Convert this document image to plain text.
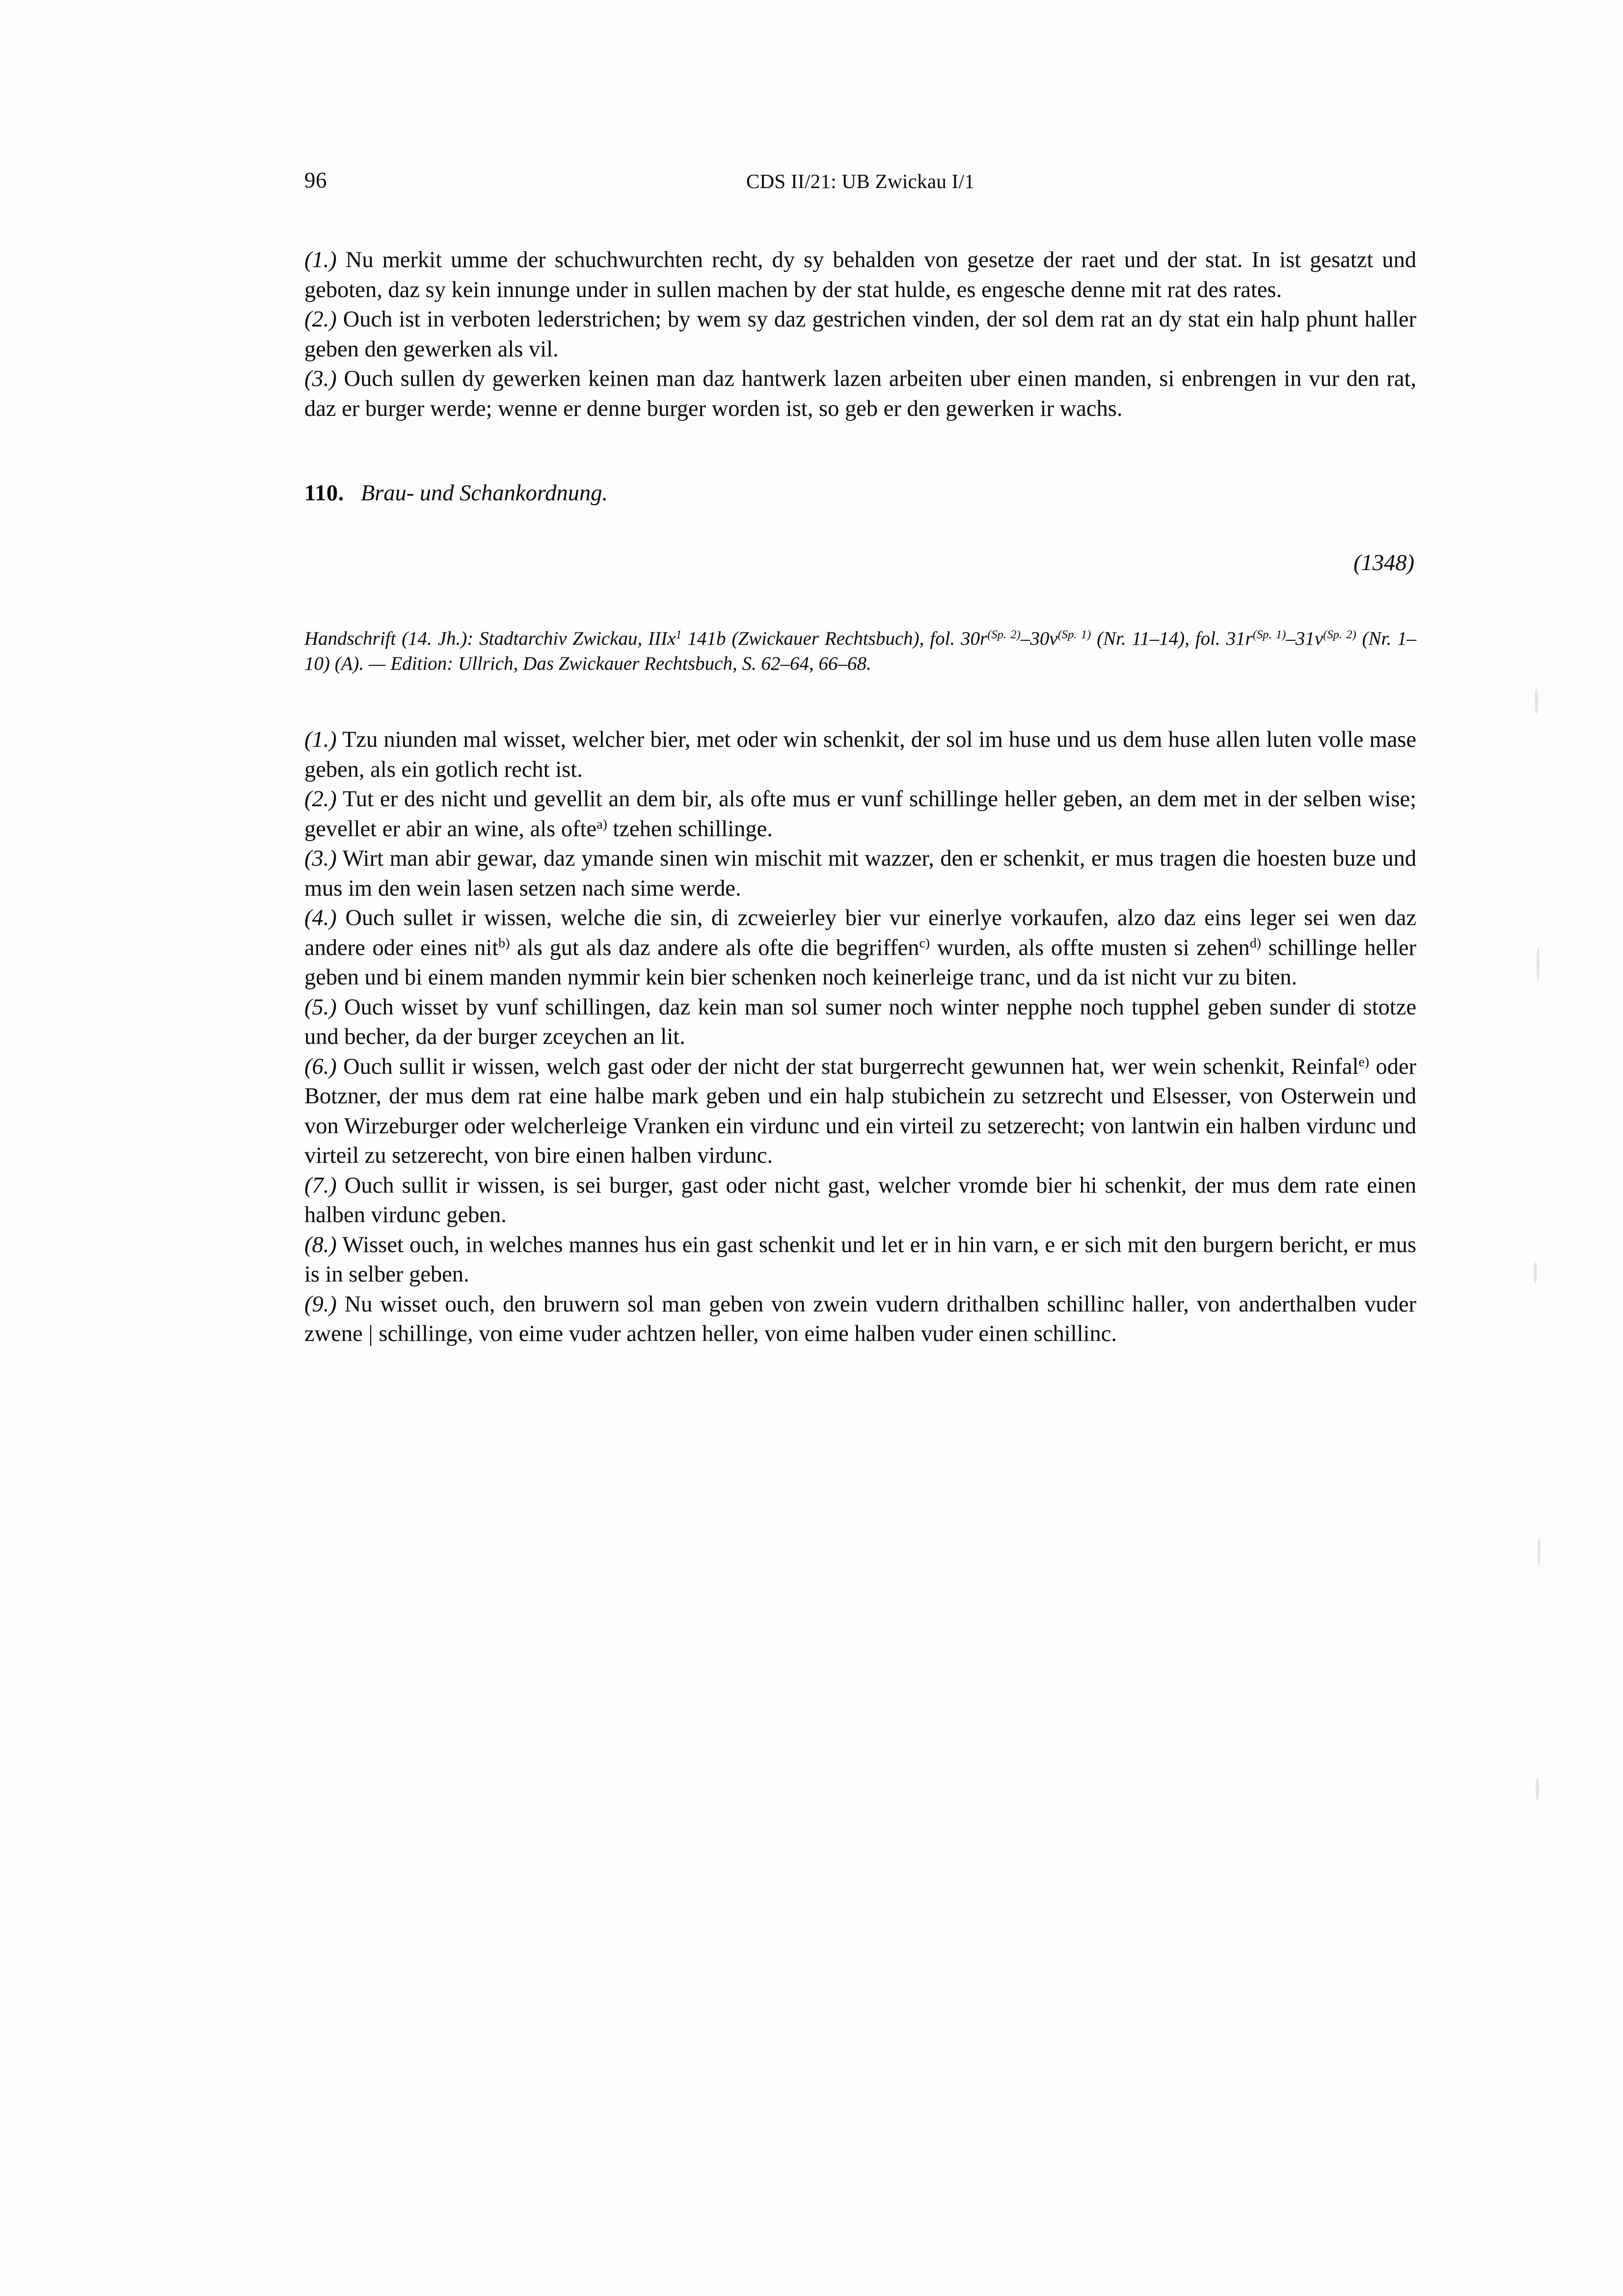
96	CDS II/21: UB Zwickau I/1

(1.) Nu merkit umme der schuchwurchten recht, dy sy behalden von gesetze der raet und der stat. In ist gesatzt und geboten, daz sy kein innunge under in sullen machen by der stat hulde, es engesche denne mit rat des rates.

(2.) Ouch ist in verboten lederstrichen; by wem sy daz gestrichen vinden, der sol dem rat an dy stat ein halp phunt haller geben den gewerken als vil.

(3.) Ouch sullen dy gewerken keinen man daz hantwerk lazen arbeiten uber einen manden, si enbrengen in vur den rat, daz er burger werde; wenne er denne burger worden ist, so geb er den gewerken ir wachs.

110. Brau- und Schankordnung.

(1348)

Handschrift (14. Jh.): Stadtarchiv Zwickau, IIIx$^1$ 141b (Zwickauer Rechtsbuch), fol. $30r^{(Sp. 2)}-30v^{(Sp. 1)}$ (Nr. 11–14), fol. $31r^{(Sp. 1)}-31v^{(Sp. 2)}$ (Nr. 1–10) (A). — Edition: Ullrich, Das Zwickauer Rechtsbuch, S. 62–64, 66–68.

(1.) Tzu niunden mal wisset, welcher bier, met oder win schenkit, der sol im huse und us dem huse allen luten volle mase geben, als ein gotlich recht ist.

(2.) Tut er des nicht und gevellit an dem bir, als ofte mus er vunf schillinge heller geben, an dem met in der selben wise; gevellet er abir an wine, als ofte$^{a)}$ tzehen schillinge.

(3.) Wirt man abir gewar, daz ymande sinen win mischit mit wazzer, den er schenkit, er mus tragen die hoesten buze und mus im den wein lasen setzen nach sime werde.

(4.) Ouch sullet ir wissen, welche die sin, di zcweierley bier vur einerlye vorkaufen, alzo daz eins leger sei wen daz andere oder eines nit$^{b)}$ als gut als daz andere als ofte die begriffen$^{c)}$ wurden, als offte musten si zehen$^{d)}$ schillinge heller geben und bi einem manden nymmir kein bier schenken noch keinerleige tranc, und da ist nicht vur zu biten.

(5.) Ouch wisset by vunf schillingen, daz kein man sol sumer noch winter nepphe noch tupphel geben sunder di stotze und becher, da der burger zceychen an lit.

(6.) Ouch sullit ir wissen, welch gast oder der nicht der stat burgerrecht gewunnen hat, wer wein schenkit, Reinfal$^{e)}$ oder Botzner, der mus dem rat eine halbe mark geben und ein halp stubichein zu setzrecht und Elsesser, von Osterwein und von Wirzeburger oder welcherleige Vranken ein virdunc und ein virteil zu setzerecht; von lantwin ein halben virdunc und virteil zu setzerecht, von bire einen halben virdunc.

(7.) Ouch sullit ir wissen, is sei burger, gast oder nicht gast, welcher vromde bier hi schenkit, der mus dem rate einen halben virdunc geben.

(8.) Wisset ouch, in welches mannes hus ein gast schenkit und let er in hin varn, e er sich mit den burgern bericht, er mus is in selber geben.

(9.) Nu wisset ouch, den bruwern sol man geben von zwein vudern drithalben schillinc haller, von anderthalben vuder zwene | schillinge, von eime vuder achtzen heller, von eime halben vuder einen schillinc.
